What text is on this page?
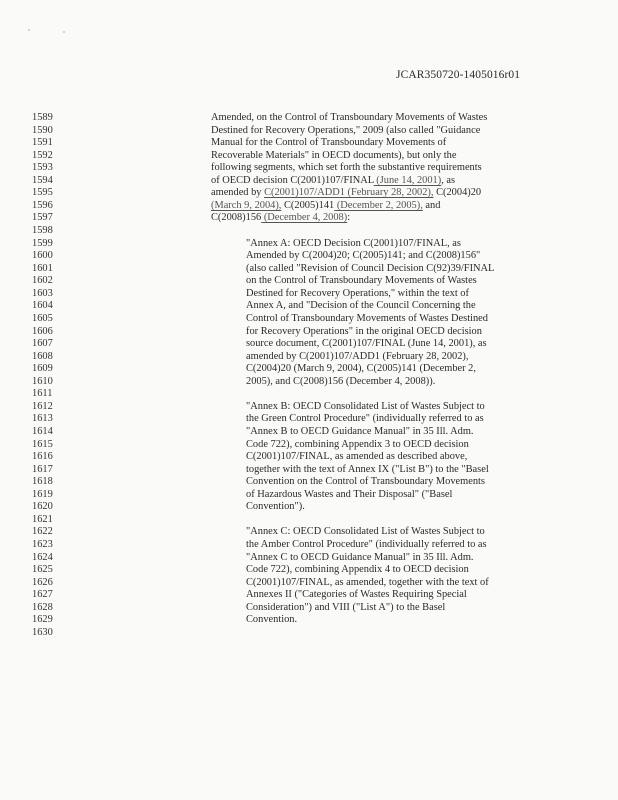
JCAR350720-1405016r01
1589	Amended, on the Control of Transboundary Movements of Wastes
1590	Destined for Recovery Operations," 2009 (also called "Guidance
1591	Manual for the Control of Transboundary Movements of
1592	Recoverable Materials" in OECD documents), but only the
1593	following segments, which set forth the substantive requirements
1594	of OECD decision C(2001)107/FINAL (June 14, 2001), as
1595	amended by C(2001)107/ADD1 (February 28, 2002), C(2004)20
1596	(March 9, 2004), C(2005)141 (December 2, 2005), and
1597	C(2008)156 (December 4, 2008):
1598
1599	"Annex A: OECD Decision C(2001)107/FINAL, as
1600	Amended by C(2004)20; C(2005)141; and C(2008)156"
1601	(also called "Revision of Council Decision C(92)39/FINAL
1602	on the Control of Transboundary Movements of Wastes
1603	Destined for Recovery Operations," within the text of
1604	Annex A, and "Decision of the Council Concerning the
1605	Control of Transboundary Movements of Wastes Destined
1606	for Recovery Operations" in the original OECD decision
1607	source document, C(2001)107/FINAL (June 14, 2001), as
1608	amended by C(2001)107/ADD1 (February 28, 2002),
1609	C(2004)20 (March 9, 2004), C(2005)141 (December 2,
1610	2005), and C(2008)156 (December 4, 2008)).
1611
1612	"Annex B: OECD Consolidated List of Wastes Subject to
1613	the Green Control Procedure" (individually referred to as
1614	"Annex B to OECD Guidance Manual" in 35 Ill. Adm.
1615	Code 722), combining Appendix 3 to OECD decision
1616	C(2001)107/FINAL, as amended as described above,
1617	together with the text of Annex IX ("List B") to the "Basel
1618	Convention on the Control of Transboundary Movements
1619	of Hazardous Wastes and Their Disposal" ("Basel
1620	Convention").
1621
1622	"Annex C: OECD Consolidated List of Wastes Subject to
1623	the Amber Control Procedure" (individually referred to as
1624	"Annex C to OECD Guidance Manual" in 35 Ill. Adm.
1625	Code 722), combining Appendix 4 to OECD decision
1626	C(2001)107/FINAL, as amended, together with the text of
1627	Annexes II ("Categories of Wastes Requiring Special
1628	Consideration") and VIII ("List A") to the Basel
1629	Convention.
1630
